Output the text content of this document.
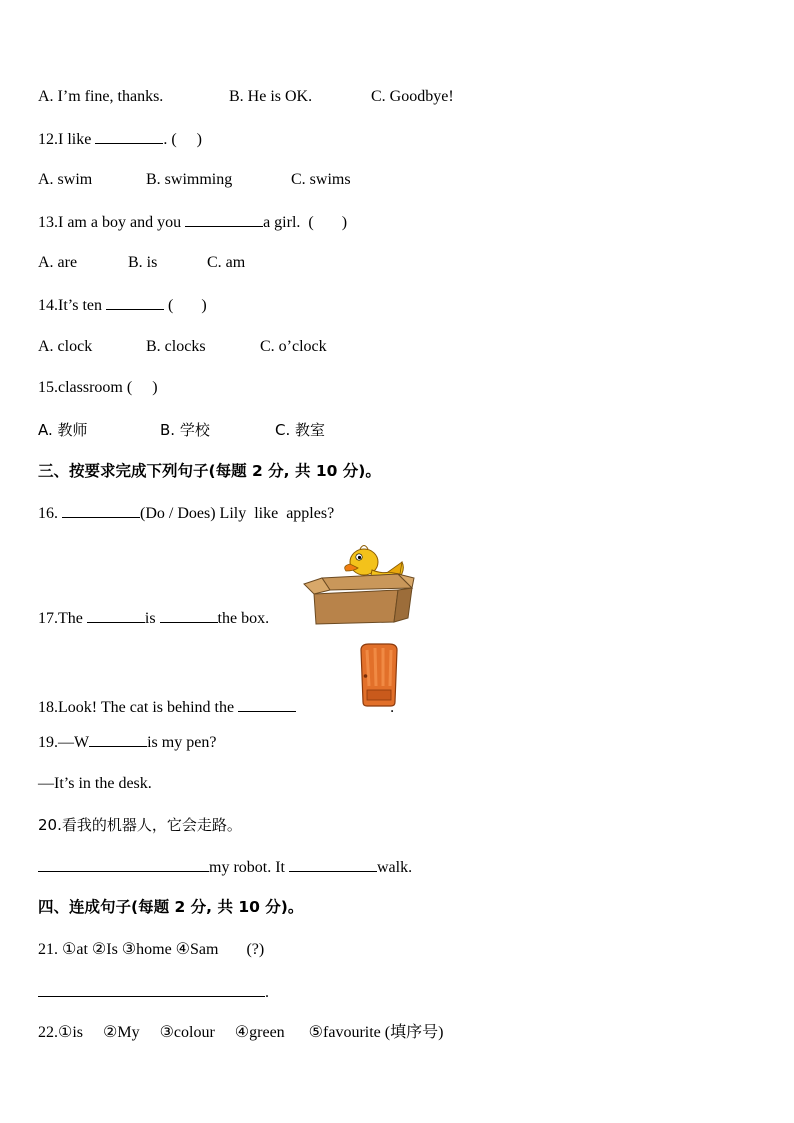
A. I’m fine, thanks.	B. He is OK.	C. Goodbye!
12.I like	. (     )
A. swim	B. swimming	C. swims
13.I am a boy and you	a girl.  (       )
A. are	B. is	C. am
14.It’s ten	(       )
A. clock	B. clocks	C. o’clock
15.classroom (     )
A. 教师	B. 学校	C. 教室
三、按要求完成下列句子(每题 2 分, 共 10 分)。
16.	(Do / Does) Lily  like  apples?
17.The	is	the box.
18.Look! The cat is behind the	.
19.—W	is my pen?
—It’s in the desk.
20.看我的机器人，它会走路。
my robot. It	walk.
四、连成句子(每题 2 分, 共 10 分)。
21. ①at ②Is ③home ④Sam       (?)
.
22.①is     ②My     ③colour     ④green      ⑤favourite (填序号)
